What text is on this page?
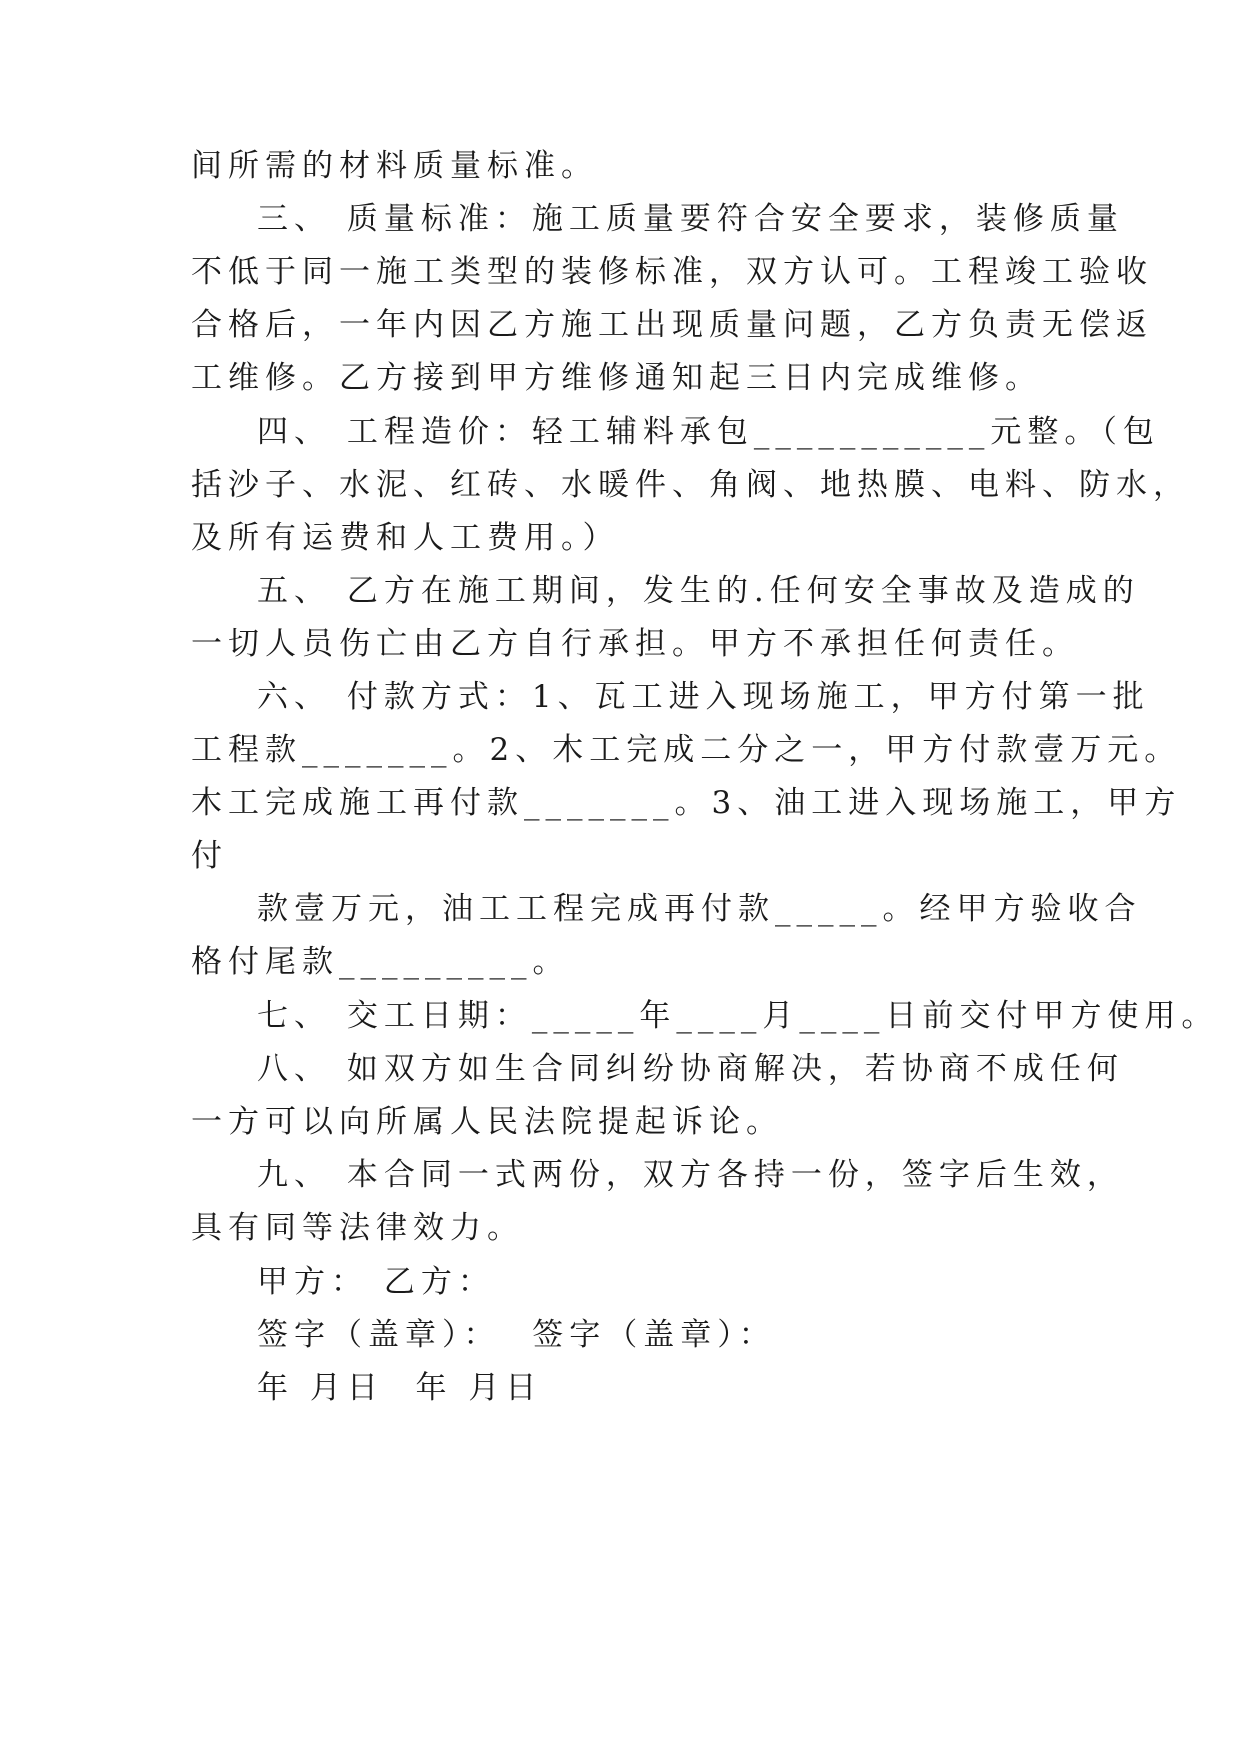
间所需的材料质量标准。
三、 质量标准：施工质量要符合安全要求，装修质量
不低于同一施工类型的装修标准，双方认可。工程竣工验收
合格后，一年内因乙方施工出现质量问题，乙方负责无偿返
工维修。乙方接到甲方维修通知起三日内完成维修。
四、 工程造价：轻工辅料承包___________元整。（包
括沙子、水泥、红砖、水暖件、角阀、地热膜、电料、防水，
及所有运费和人工费用。）
五、 乙方在施工期间，发生的.任何安全事故及造成的
一切人员伤亡由乙方自行承担。甲方不承担任何责任。
六、 付款方式：1、瓦工进入现场施工，甲方付第一批
工程款_______。2、木工完成二分之一，甲方付款壹万元。
木工完成施工再付款_______。3、油工进入现场施工，甲方
付
款壹万元，油工工程完成再付款_____。经甲方验收合
格付尾款_________。
七、 交工日期：_____年____月____日前交付甲方使用。
八、 如双方如生合同纠纷协商解决，若协商不成任何
一方可以向所属人民法院提起诉论。
九、 本合同一式两份，双方各持一份，签字后生效，
具有同等法律效力。
甲方： 乙方：
签字（盖章）：  签字（盖章）：
年 月日  年 月日
